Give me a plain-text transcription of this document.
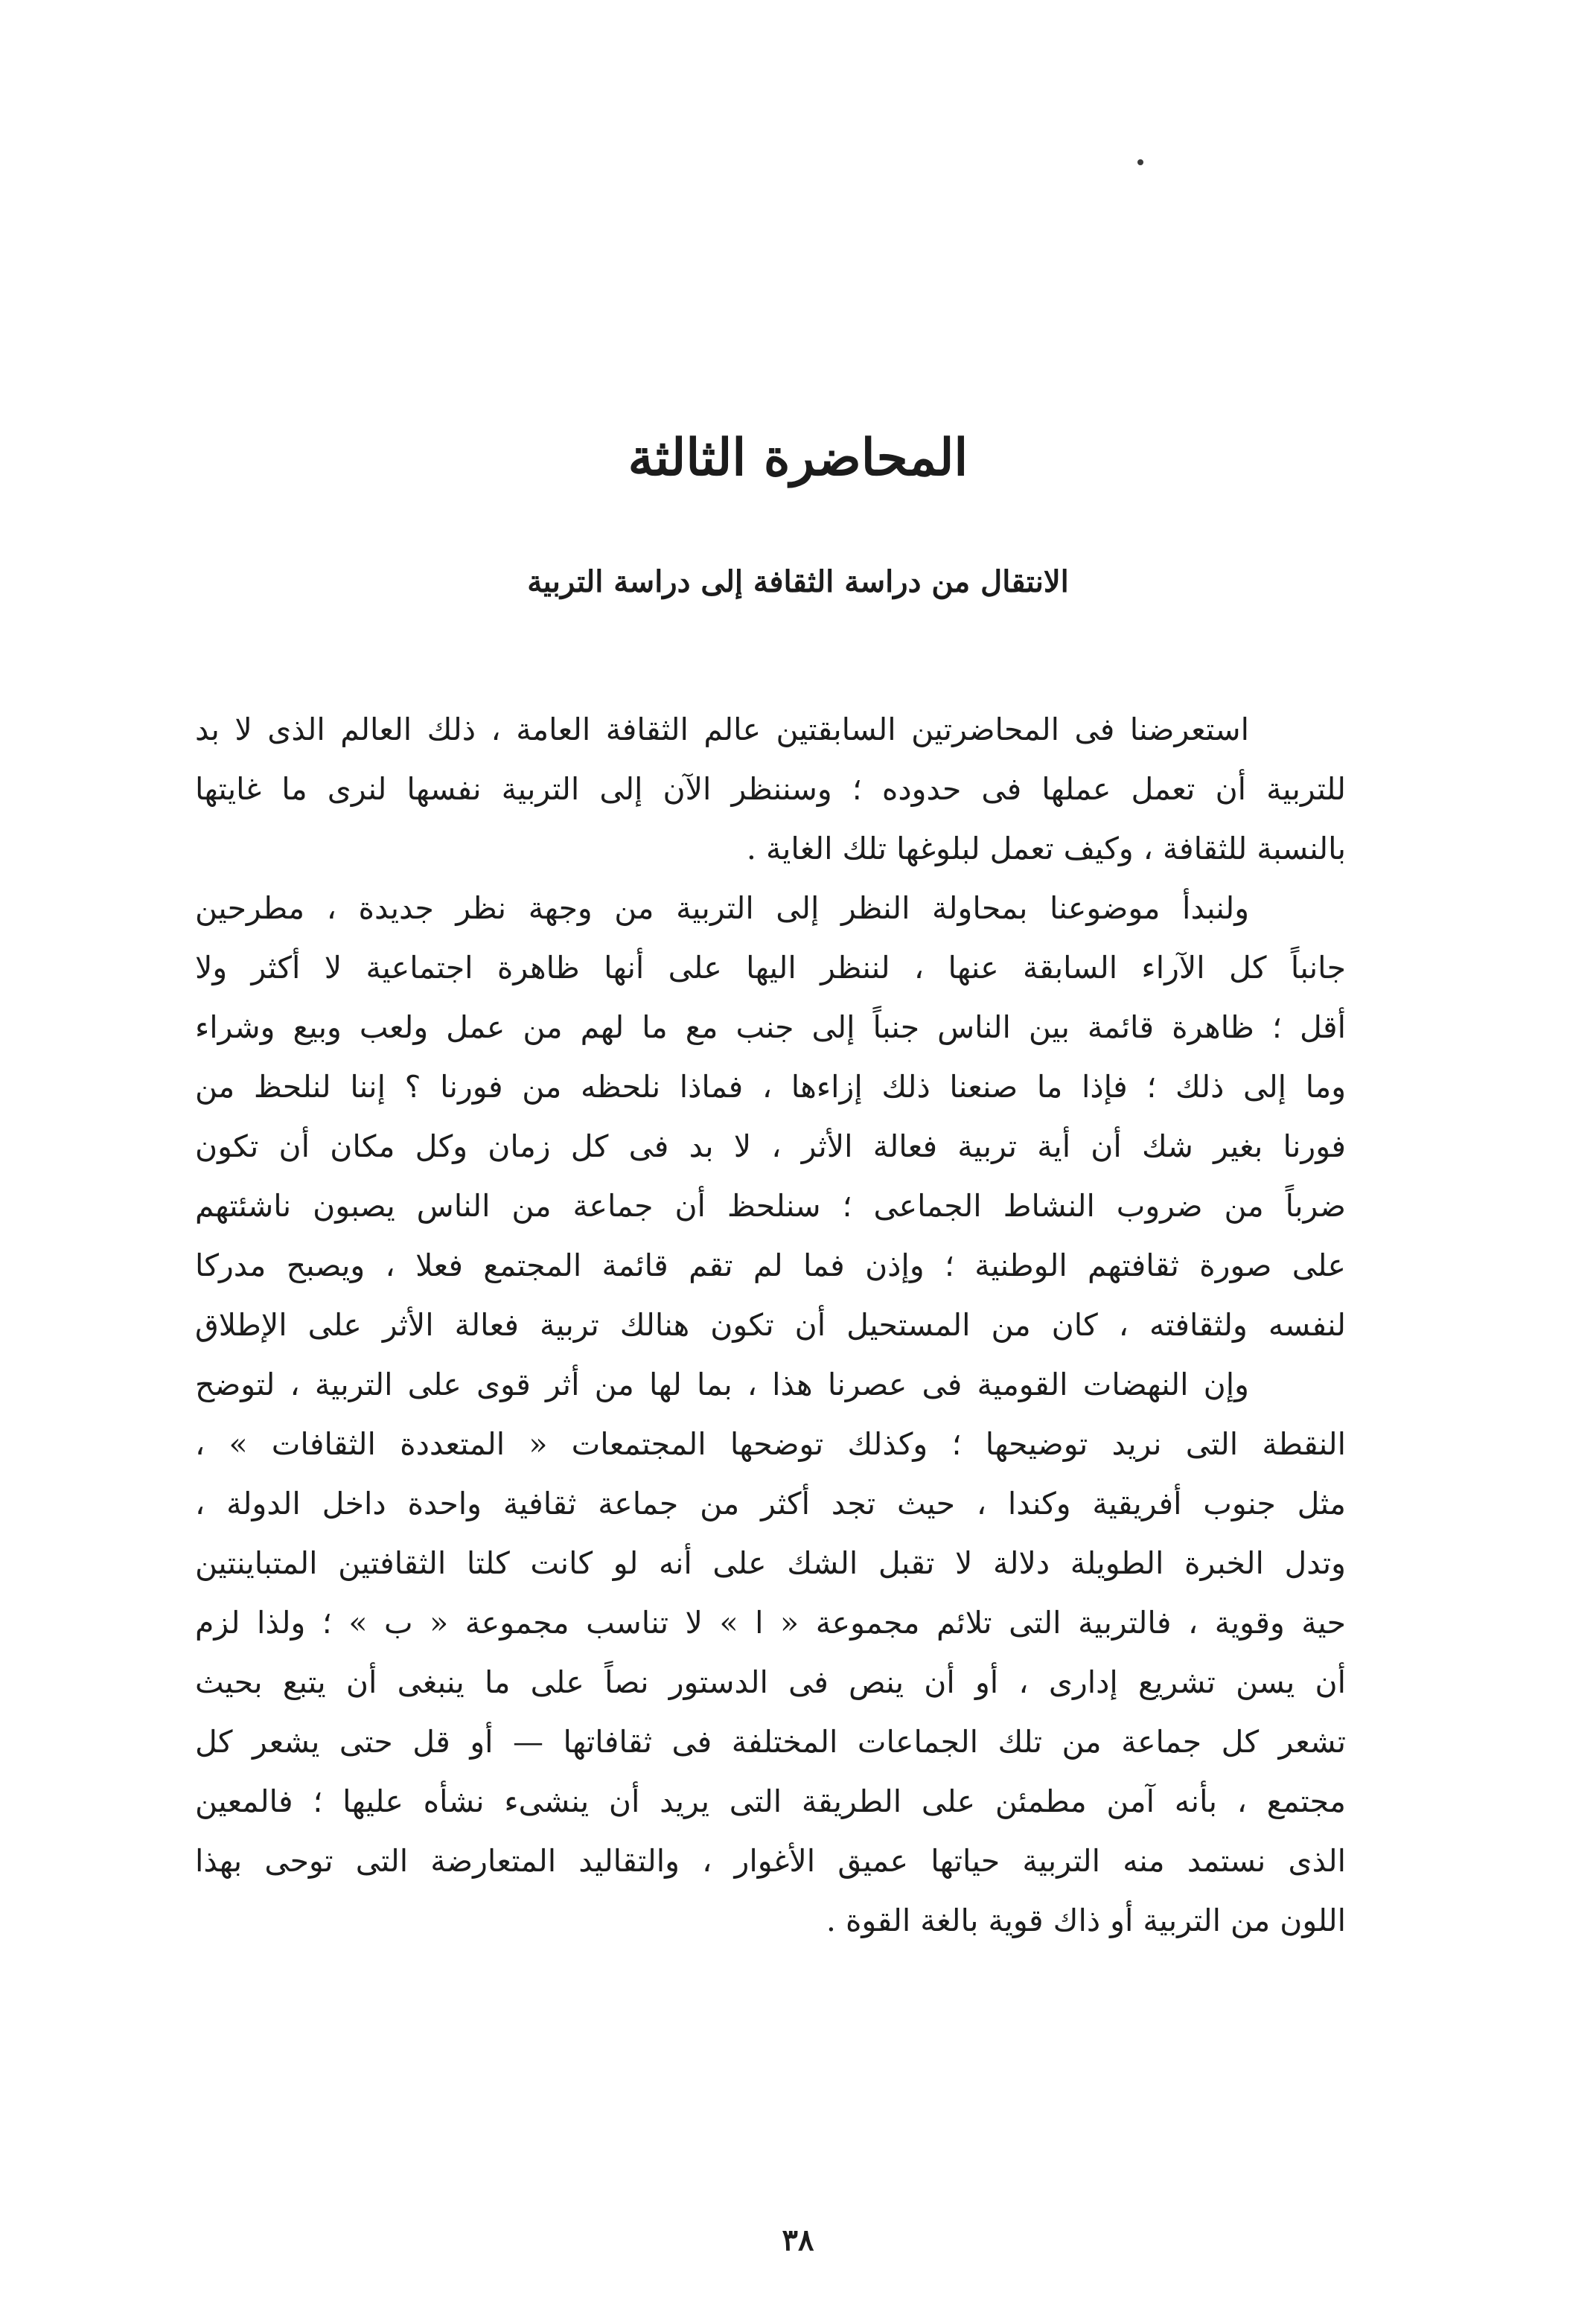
المحاضرة الثالثة
الانتقال من دراسة الثقافة إلى دراسة التربية
استعرضنا فى المحاضرتين السابقتين عالم الثقافة العامة ، ذلك العالم الذى لا بد
للتربية أن تعمل عملها فى حدوده ؛ وسننظر الآن إلى التربية نفسها لنرى ما غايتها
بالنسبة للثقافة ، وكيف تعمل لبلوغها تلك الغاية .
ولنبدأ موضوعنا بمحاولة النظر إلى التربية من وجهة نظر جديدة ، مطرحين
جانباً كل الآراء السابقة عنها ، لننظر اليها على أنها ظاهرة اجتماعية لا أكثر ولا
أقل ؛ ظاهرة قائمة بين الناس جنباً إلى جنب مع ما لهم من عمل ولعب وبيع وشراء
وما إلى ذلك ؛ فإذا ما صنعنا ذلك إزاءها ، فماذا نلحظه من فورنا ؟ إننا لنلحظ من
فورنا بغير شك أن أية تربية فعالة الأثر ، لا بد فى كل زمان وكل مكان أن تكون
ضرباً من ضروب النشاط الجماعى ؛ سنلحظ أن جماعة من الناس يصبون ناشئتهم
على صورة ثقافتهم الوطنية ؛ وإذن فما لم تقم قائمة المجتمع فعلا ، ويصبح مدركا
لنفسه ولثقافته ، كان من المستحيل أن تكون هنالك تربية فعالة الأثر على الإطلاق
وإن النهضات القومية فى عصرنا هذا ، بما لها من أثر قوى على التربية ، لتوضح
النقطة التى نريد توضيحها ؛ وكذلك توضحها المجتمعات « المتعددة الثقافات » ،
مثل جنوب أفريقية وكندا ، حيث تجد أكثر من جماعة ثقافية واحدة داخل الدولة ،
وتدل الخبرة الطويلة دلالة لا تقبل الشك على أنه لو كانت كلتا الثقافتين المتباينتين
حية وقوية ، فالتربية التى تلائم مجموعة « ا » لا تناسب مجموعة « ب » ؛ ولذا لزم
أن يسن تشريع إدارى ، أو أن ينص فى الدستور نصاً على ما ينبغى أن يتبع بحيث
تشعر كل جماعة من تلك الجماعات المختلفة فى ثقافاتها — أو قل حتى يشعر كل
مجتمع ، بأنه آمن مطمئن على الطريقة التى يريد أن ينشىء نشأه عليها ؛ فالمعين
الذى نستمد منه التربية حياتها عميق الأغوار ، والتقاليد المتعارضة التى توحى بهذا
اللون من التربية أو ذاك قوية بالغة القوة .
٣٨
